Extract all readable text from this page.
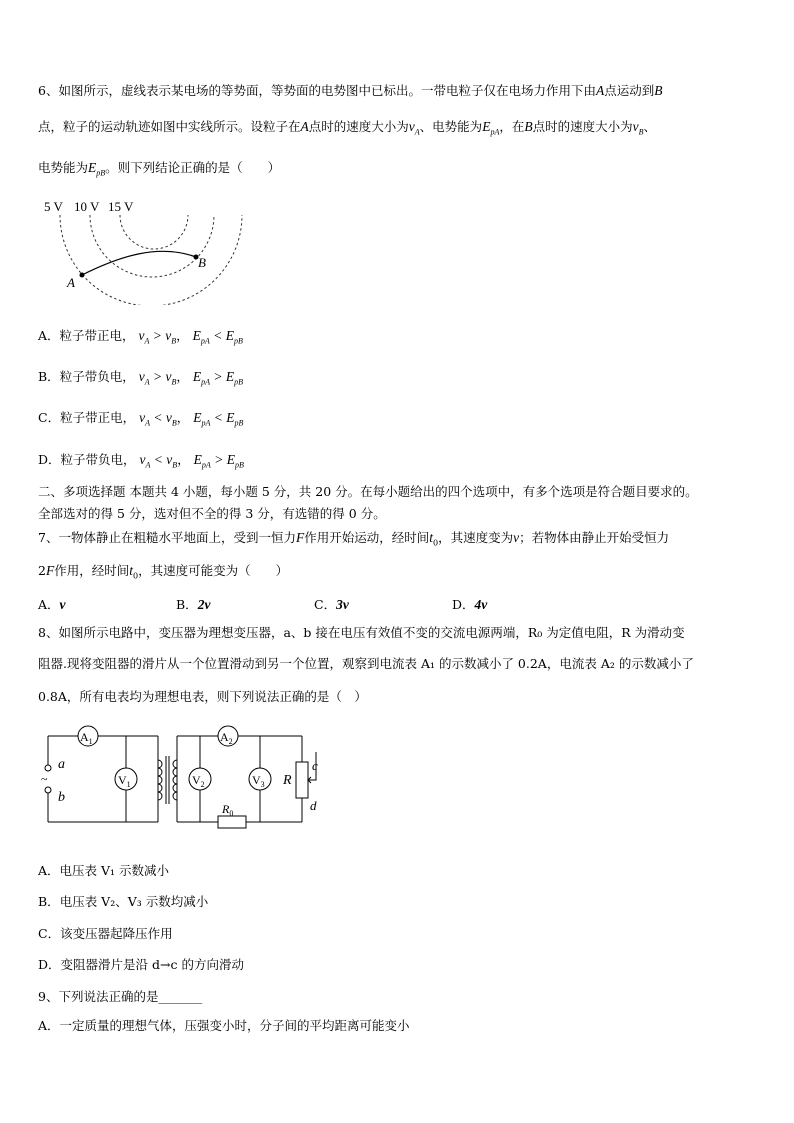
6、如图所示，虚线表示某电场的等势面，等势面的电势图中已标出。一带电粒子仅在电场力作用下由A点运动到B
点，粒子的运动轨迹如图中实线所示。设粒子在A点时的速度大小为$v_A$、电势能为$E_{pA}$，在B点时的速度大小为$v_B$、
电势能为$E_{pB}$。则下列结论正确的是（　　）
5 V 10 V 15 V
A
B
A．粒子带正电， $v_A > v_B$， $E_{pA} < E_{pB}$
B．粒子带负电， $v_A > v_B$， $E_{pA} > E_{pB}$
C．粒子带正电， $v_A < v_B$， $E_{pA} < E_{pB}$
D．粒子带负电， $v_A < v_B$， $E_{pA} > E_{pB}$
二、多项选择题 本题共 4 小题，每小题 5 分，共 20 分。在每小题给出的四个选项中，有多个选项是符合题目要求的。
全部选对的得 5 分，选对但不全的得 3 分，有选错的得 0 分。
7、一物体静止在粗糙水平地面上，受到一恒力F作用开始运动，经时间$t_0$，其速度变为v；若物体由静止开始受恒力
2F作用，经时间$t_0$，其速度可能变为（　　）
A．v	B．2v	C．3v	D．4v
8、如图所示电路中，变压器为理想变压器，a、b 接在电压有效值不变的交流电源两端，R₀ 为定值电阻，R 为滑动变
阻器.现将变阻器的滑片从一个位置滑动到另一个位置，观察到电流表 A₁ 的示数减小了 0.2A，电流表 A₂ 的示数减小了
0.8A，所有电表均为理想电表，则下列说法正确的是（　）
~
a
b
$A_1$
$V_1$
$A_2$
$V_2$	$V_3$ R
c
d
$R_0$
A．电压表 V₁ 示数减小
B．电压表 V₂、V₃ 示数均减小
C．该变压器起降压作用
D．变阻器滑片是沿 d→c 的方向滑动
9、下列说法正确的是_______
A．一定质量的理想气体，压强变小时，分子间的平均距离可能变小
